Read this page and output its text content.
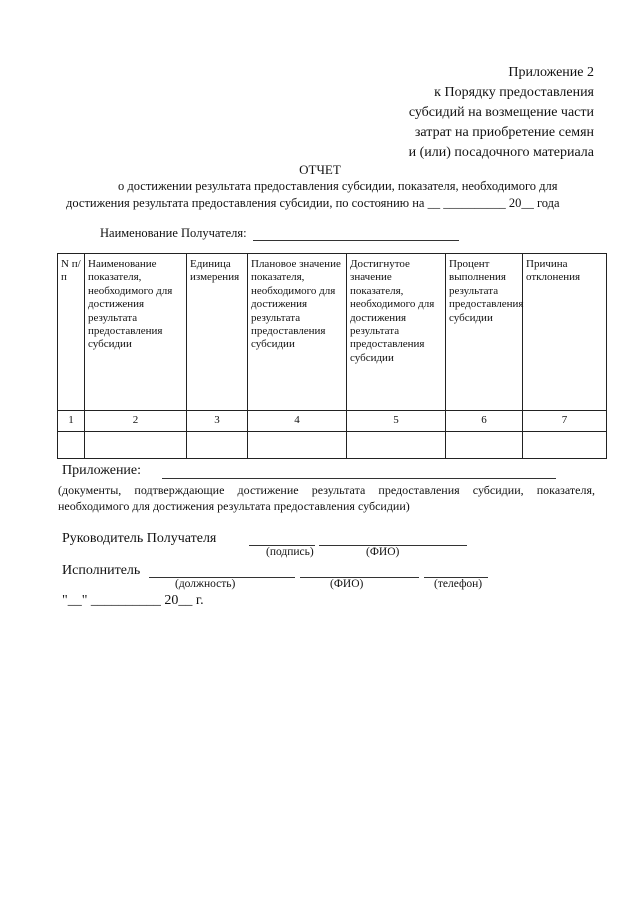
Приложение 2
к Порядку предоставления
субсидий на возмещение части
затрат на приобретение семян
и (или) посадочного материала
ОТЧЕТ
о достижении результата предоставления субсидии, показателя, необходимого для
достижения результата предоставления субсидии, по состоянию на __ __________ 20__ года
Наименование Получателя:
N п/п	Наименование показателя, необходимого для достижения результата предоставления субсидии	Единица измерения	Плановое значение показателя, необходимого для достижения результата предоставления субсидии	Достигнутое значение показателя, необходимого для достижения результата предоставления субсидии	Процент выполнения результата предоставления субсидии	Причина отклонения
1	2	3	4	5	6	7

Приложение:
(документы, подтверждающие достижение результата предоставления субсидии, показателя, необходимого для достижения результата предоставления субсидии)
Руководитель Получателя
(подпись)	(ФИО)
Исполнитель
(должность)	(ФИО)	(телефон)
"__" __________ 20__ г.
